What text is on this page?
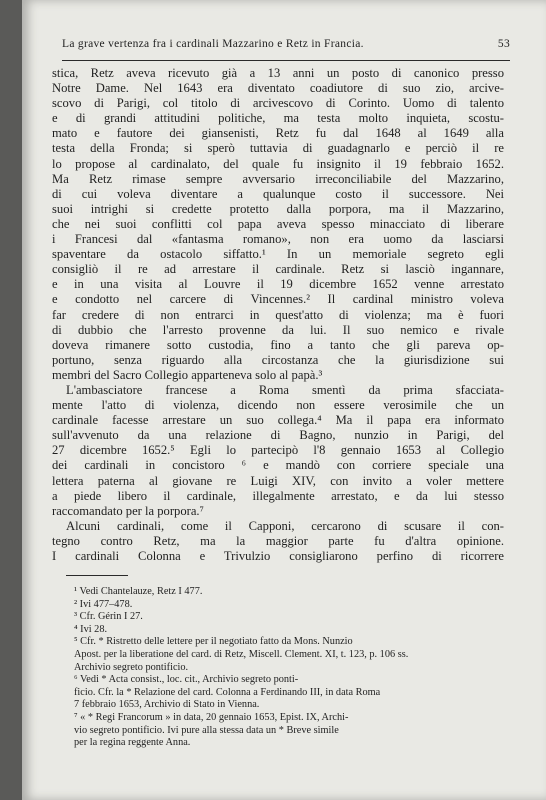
La grave vertenza fra i cardinali Mazzarino e Retz in Francia.	53
stica, Retz aveva ricevuto già a 13 anni un posto di canonico presso
Notre Dame. Nel 1643 era diventato coadiutore di suo zio, arcive-
scovo di Parigi, col titolo di arcivescovo di Corinto. Uomo di talento
e di grandi attitudini politiche, ma testa molto inquieta, scostu-
mato e fautore dei giansenisti, Retz fu dal 1648 al 1649 alla
testa della Fronda; si sperò tuttavia di guadagnarlo e perciò il re
lo propose al cardinalato, del quale fu insignito il 19 febbraio 1652.
Ma Retz rimase sempre avversario irreconciliabile del Mazzarino,
di cui voleva diventare a qualunque costo il successore. Nei
suoi intrighi si credette protetto dalla porpora, ma il Mazzarino,
che nei suoi conflitti col papa aveva spesso minacciato di liberare
i Francesi dal «fantasma romano», non era uomo da lasciarsi
spaventare da ostacolo siffatto.¹ In un memoriale segreto egli
consigliò il re ad arrestare il cardinale. Retz si lasciò ingannare,
e in una visita al Louvre il 19 dicembre 1652 venne arrestato
e condotto nel carcere di Vincennes.² Il cardinal ministro voleva
far credere di non entrarci in quest'atto di violenza; ma è fuori
di dubbio che l'arresto provenne da lui. Il suo nemico e rivale
doveva rimanere sotto custodia, fino a tanto che gli pareva op-
portuno, senza riguardo alla circostanza che la giurisdizione sui
membri del Sacro Collegio apparteneva solo al papà.³
L'ambasciatore francese a Roma smentì da prima sfacciata-
mente l'atto di violenza, dicendo non essere verosimile che un
cardinale facesse arrestare un suo collega.⁴ Ma il papa era informato
sull'avvenuto da una relazione di Bagno, nunzio in Parigi, del
27 dicembre 1652.⁵ Egli lo partecipò l'8 gennaio 1653 al Collegio
dei cardinali in concistoro ⁶ e mandò con corriere speciale una
lettera paterna al giovane re Luigi XIV, con invito a voler mettere
a piede libero il cardinale, illegalmente arrestato, e da lui stesso
raccomandato per la porpora.⁷
Alcuni cardinali, come il Capponi, cercarono di scusare il con-
tegno contro Retz, ma la maggior parte fu d'altra opinione.
I cardinali Colonna e Trivulzio consigliarono perfino di ricorrere
¹ Vedi Chantelauze, Retz I 477.
² Ivi 477–478.
³ Cfr. Gérin I 27.
⁴ Ivi 28.
⁵ Cfr. * Ristretto delle lettere per il negotiato fatto da Mons. Nunzio
Apost. per la liberatione del card. di Retz, Miscell. Clement. XI, t. 123, p. 106 ss.
Archivio segreto pontificio.
⁶ Vedi * Acta consist., loc. cit., Archivio segreto ponti-
ficio. Cfr. la * Relazione del card. Colonna a Ferdinando III, in data Roma
7 febbraio 1653, Archivio di Stato in Vienna.
⁷ « * Regi Francorum » in data, 20 gennaio 1653, Epist. IX, Archi-
vio segreto pontificio. Ivi pure alla stessa data un * Breve simile
per la regina reggente Anna.
